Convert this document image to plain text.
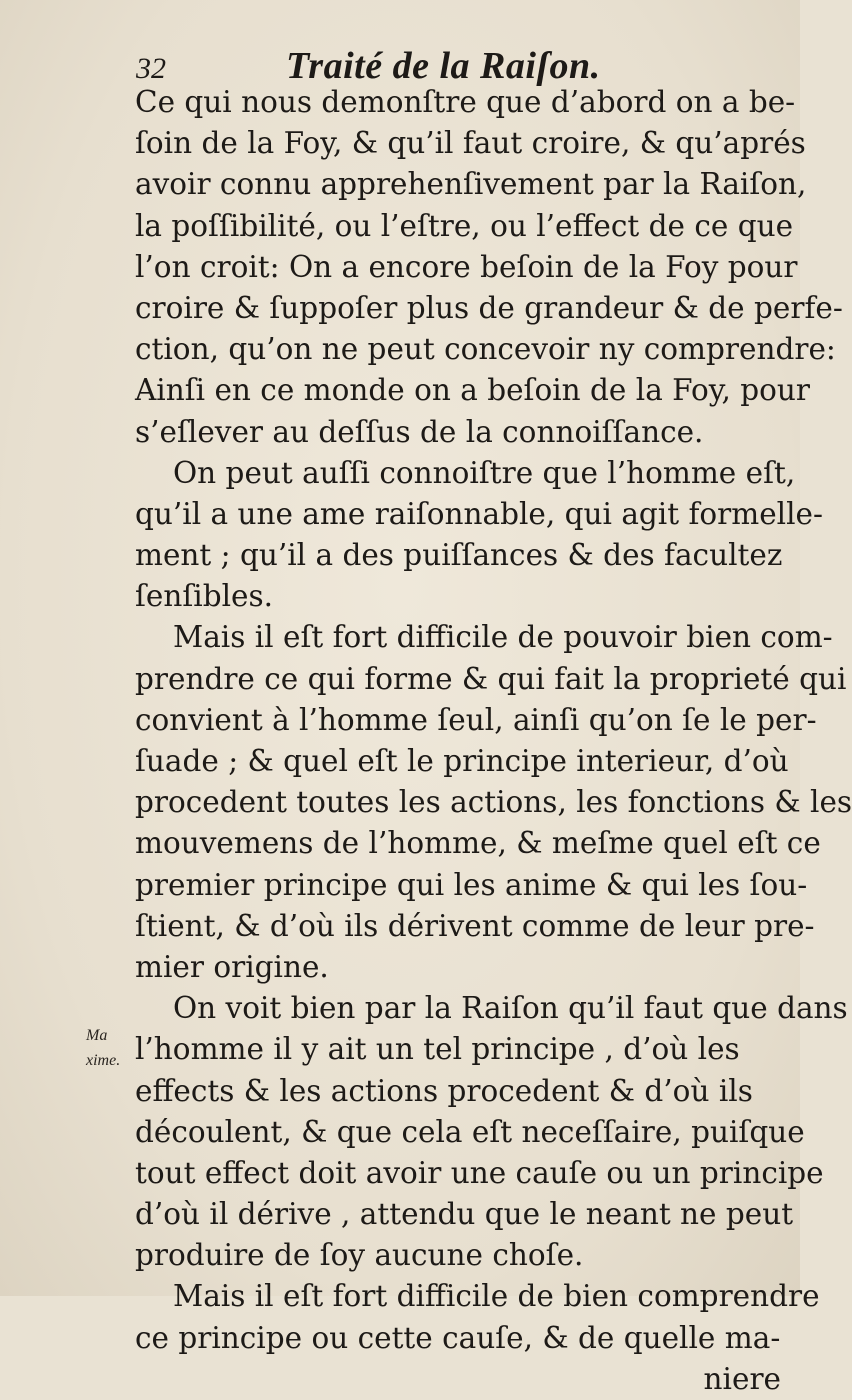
32	Traité de la Raiſon.
Ma
xime.
Ce qui nous demonſtre que d’abord on a be-
ſoin de la Foy, & qu’il faut croire, & qu’aprés
avoir connu apprehenſivement par la Raiſon,
la poſſibilité, ou l’eſtre, ou l’effect de ce que
l’on croit: On a encore beſoin de la Foy pour
croire & ſuppoſer plus de grandeur & de perfe-
ction, qu’on ne peut concevoir ny comprendre:
Ainſi en ce monde on a beſoin de la Foy, pour
s’eſlever au deſſus de la connoiſſance.
On peut auſſi connoiſtre que l’homme eſt,
qu’il a une ame raiſonnable, qui agit formelle-
ment ; qu’il a des puiſſances & des facultez
ſenſibles.
Mais il eſt fort difficile de pouvoir bien com-
prendre ce qui forme & qui fait la proprieté qui
convient à l’homme ſeul, ainſi qu’on ſe le per-
ſuade ; & quel eſt le principe interieur, d’où
procedent toutes les actions, les fonctions & les
mouvemens de l’homme, & meſme quel eſt ce
premier principe qui les anime & qui les ſou-
ſtient, & d’où ils dérivent comme de leur pre-
mier origine.
On voit bien par la Raiſon qu’il faut que dans
l’homme il y ait un tel principe , d’où les
effects & les actions procedent & d’où ils
découlent, & que cela eſt neceſſaire, puiſque
tout effect doit avoir une cauſe ou un principe
d’où il dérive , attendu que le neant ne peut
produire de ſoy aucune choſe.
Mais il eſt fort difficile de bien comprendre
ce principe ou cette cauſe, & de quelle ma-
niere
